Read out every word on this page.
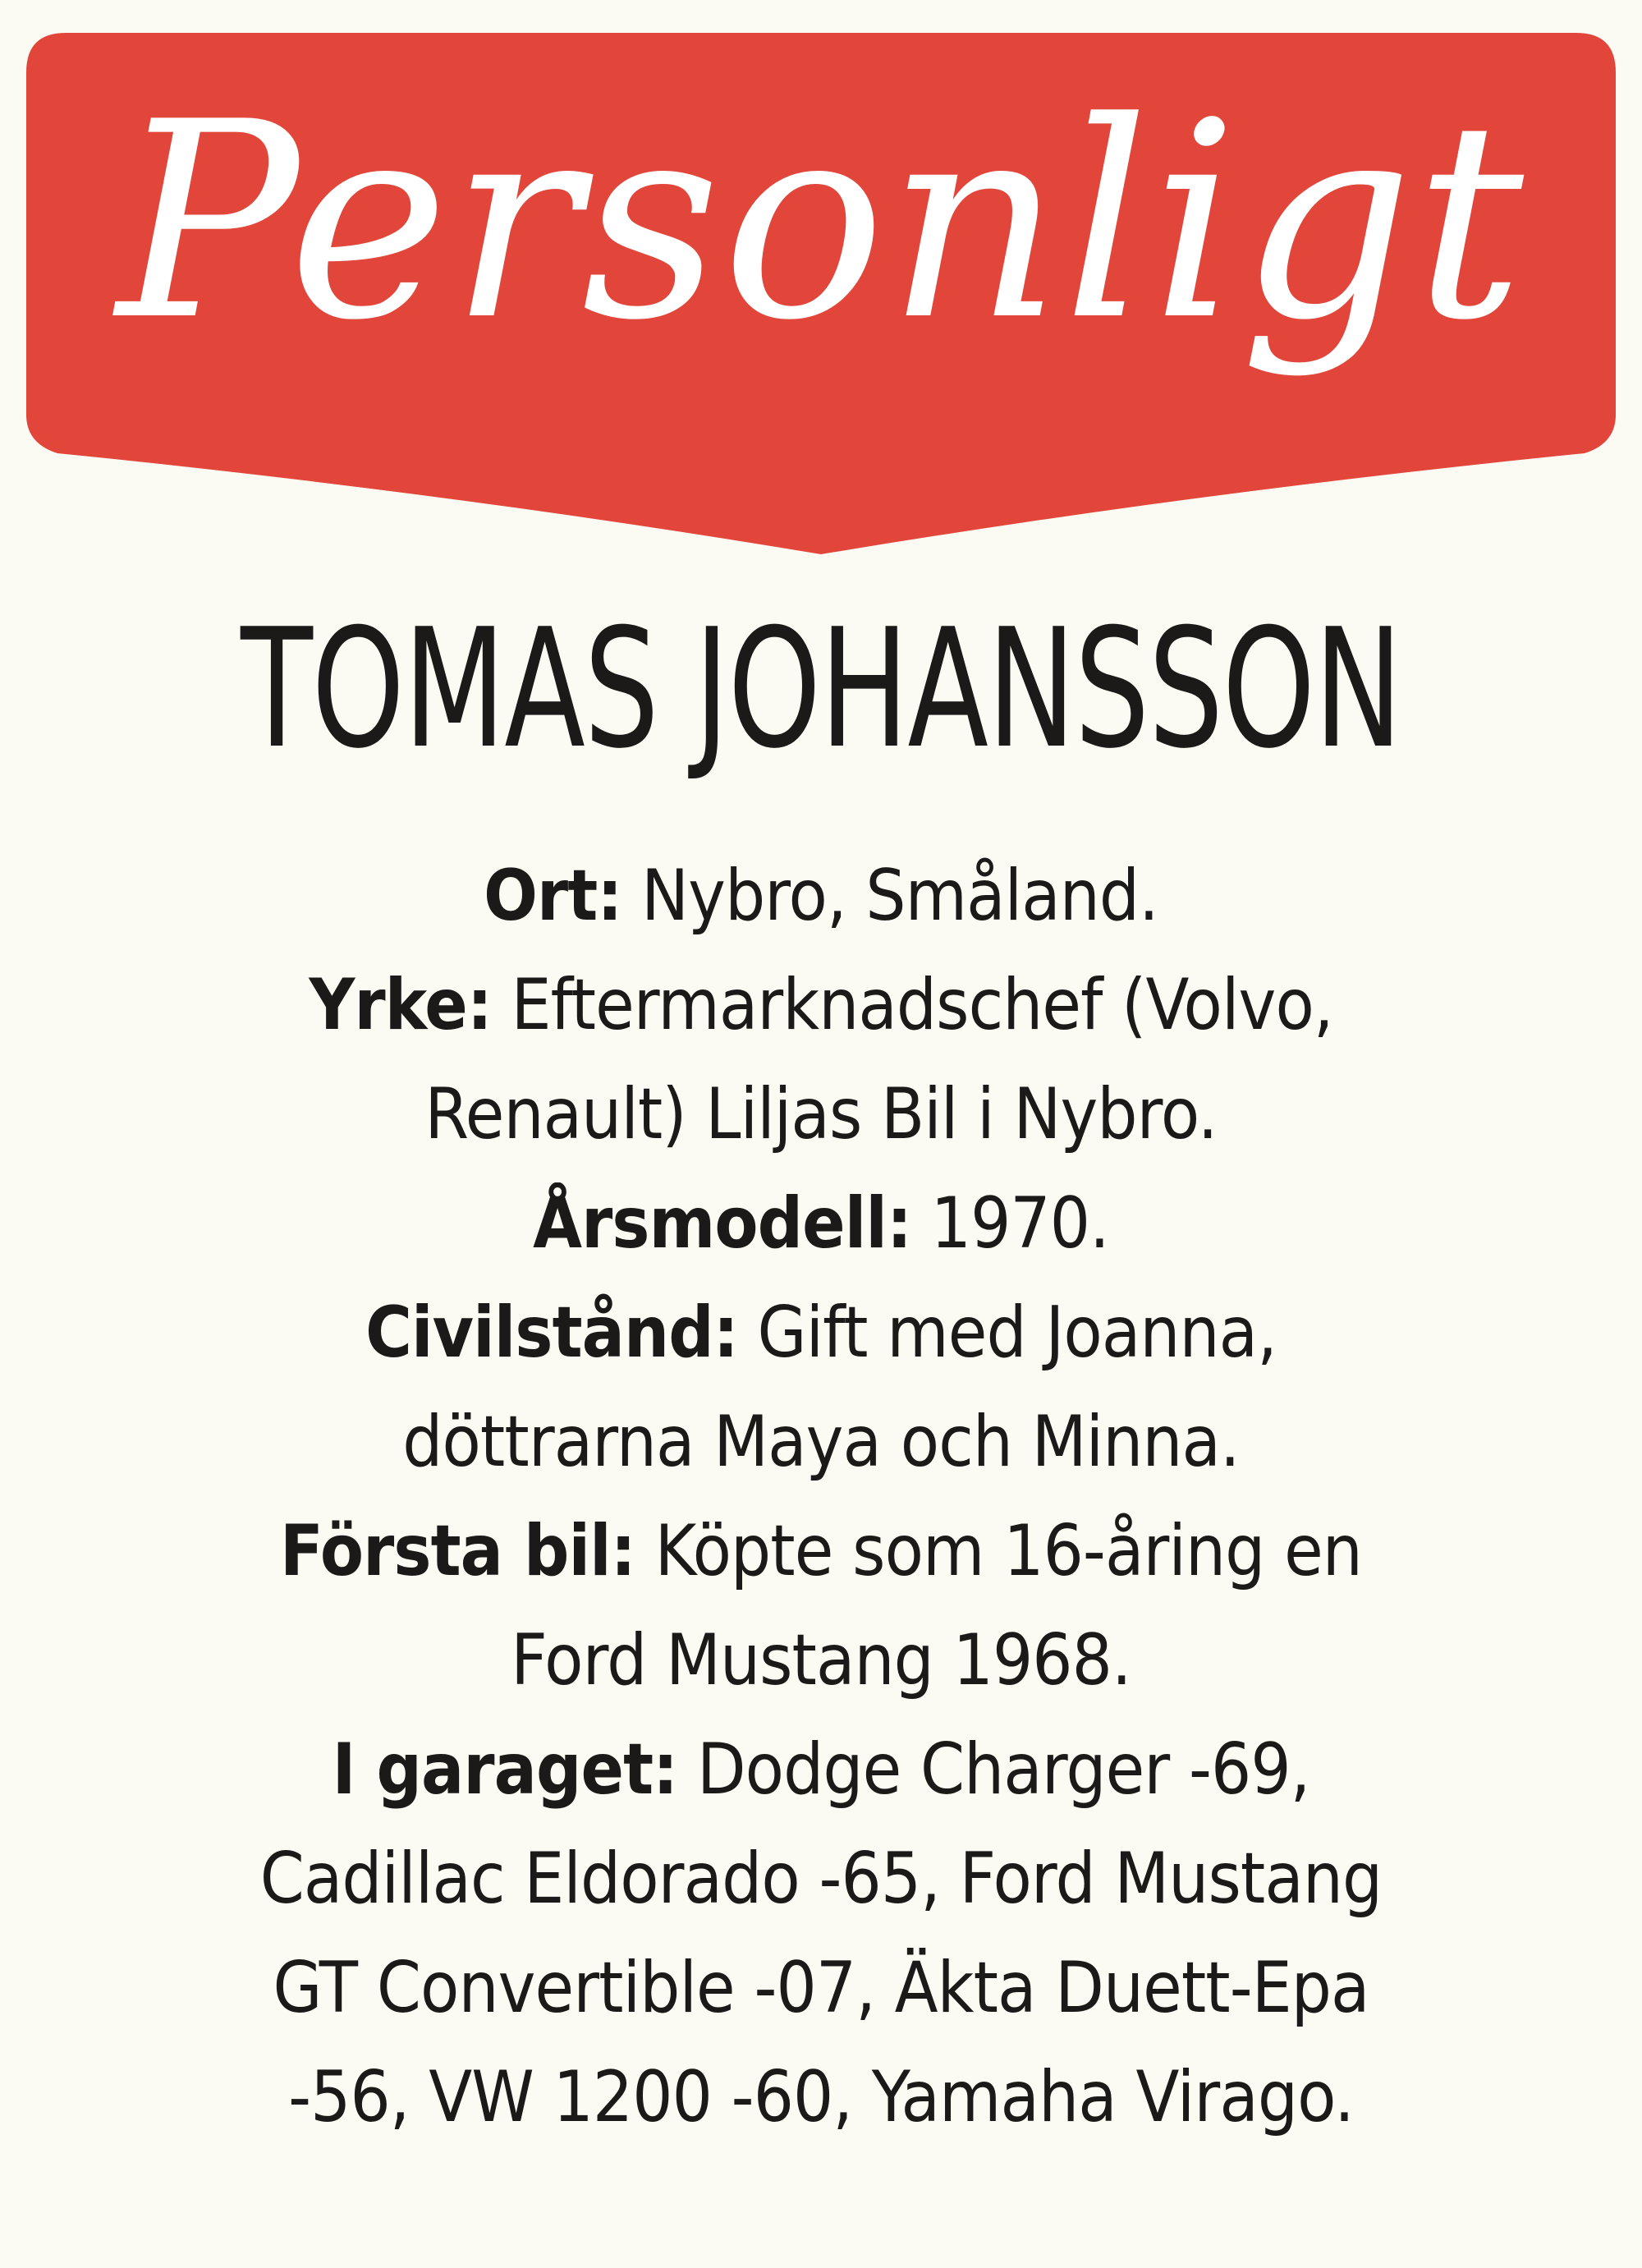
Personligt
TOMAS JOHANSSON
Ort: Nybro, Småland.
Yrke: Eftermarknadschef (Volvo,
Renault) Liljas Bil i Nybro.
Årsmodell: 1970.
Civilstånd: Gift med Joanna,
döttrarna Maya och Minna.
Första bil: Köpte som 16-åring en
Ford Mustang 1968.
I garaget: Dodge Charger -69,
Cadillac Eldorado -65, Ford Mustang
GT Convertible -07, Äkta Duett-Epa
-56, VW 1200 -60, Yamaha Virago.
